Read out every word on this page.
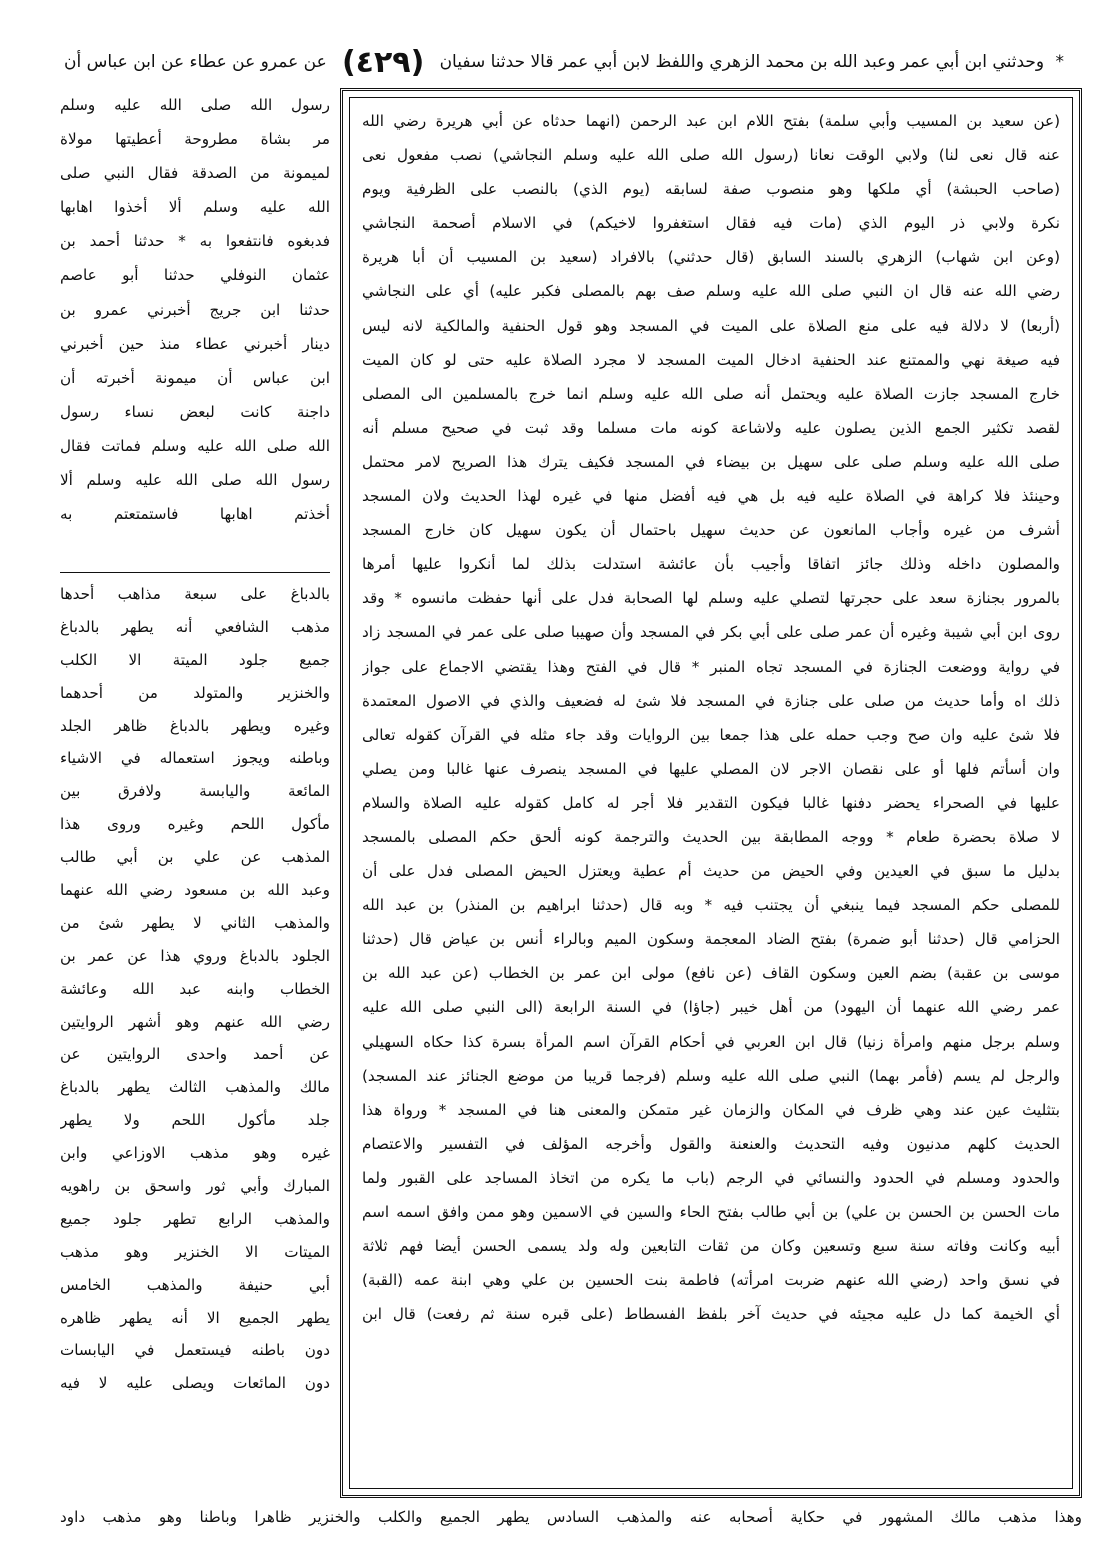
* وحدثني ابن أبي عمر وعبد الله بن محمد الزهري واللفظ لابن أبي عمر قالا حدثنا سفيان
(٤٢٩)
عن عمرو عن عطاء عن ابن عباس أن
(عن سعيد بن المسيب وأبي سلمة) بفتح اللام ابن عبد الرحمن (انهما حدثاه عن أبي هريرة رضي الله
عنه قال نعى لنا) ولابي الوقت نعانا (رسول الله صلى الله عليه وسلم النجاشي) نصب مفعول نعى
(صاحب الحبشة) أي ملكها وهو منصوب صفة لسابقه (يوم الذي) بالنصب على الظرفية ويوم
نكرة ولابي ذر اليوم الذي (مات فيه فقال استغفروا لاخيكم) في الاسلام أصحمة النجاشي
(وعن ابن شهاب) الزهري بالسند السابق (قال حدثني) بالافراد (سعيد بن المسيب أن أبا هريرة
رضي الله عنه قال ان النبي صلى الله عليه وسلم صف بهم بالمصلى فكبر عليه) أي على النجاشي
(أربعا) لا دلالة فيه على منع الصلاة على الميت في المسجد وهو قول الحنفية والمالكية لانه ليس
فيه صيغة نهي والممتنع عند الحنفية ادخال الميت المسجد لا مجرد الصلاة عليه حتى لو كان الميت
خارج المسجد جازت الصلاة عليه ويحتمل أنه صلى الله عليه وسلم انما خرج بالمسلمين الى المصلى
لقصد تكثير الجمع الذين يصلون عليه ولاشاعة كونه مات مسلما وقد ثبت في صحيح مسلم أنه
صلى الله عليه وسلم صلى على سهيل بن بيضاء في المسجد فكيف يترك هذا الصريح لامر محتمل
وحينئذ فلا كراهة في الصلاة عليه فيه بل هي فيه أفضل منها في غيره لهذا الحديث ولان المسجد
أشرف من غيره وأجاب المانعون عن حديث سهيل باحتمال أن يكون سهيل كان خارج المسجد
والمصلون داخله وذلك جائز اتفاقا وأجيب بأن عائشة استدلت بذلك لما أنكروا عليها أمرها
بالمرور بجنازة سعد على حجرتها لتصلي عليه وسلم لها الصحابة فدل على أنها حفظت مانسوه * وقد
روى ابن أبي شيبة وغيره أن عمر صلى على أبي بكر في المسجد وأن صهيبا صلى على عمر في المسجد زاد
في رواية ووضعت الجنازة في المسجد تجاه المنبر * قال في الفتح وهذا يقتضي الاجماع على جواز
ذلك اه وأما حديث من صلى على جنازة في المسجد فلا شئ له فضعيف والذي في الاصول المعتمدة
فلا شئ عليه وان صح وجب حمله على هذا جمعا بين الروايات وقد جاء مثله في القرآن كقوله تعالى
وان أسأتم فلها أو على نقصان الاجر لان المصلي عليها في المسجد ينصرف عنها غالبا ومن يصلي
عليها في الصحراء يحضر دفنها غالبا فيكون التقدير فلا أجر له كامل كقوله عليه الصلاة والسلام
لا صلاة بحضرة طعام * ووجه المطابقة بين الحديث والترجمة كونه ألحق حكم المصلى بالمسجد
بدليل ما سبق في العيدين وفي الحيض من حديث أم عطية ويعتزل الحيض المصلى فدل على أن
للمصلى حكم المسجد فيما ينبغي أن يجتنب فيه * وبه قال (حدثنا ابراهيم بن المنذر) بن عبد الله
الحزامي قال (حدثنا أبو ضمرة) بفتح الضاد المعجمة وسكون الميم وبالراء أنس بن عياض قال (حدثنا
موسى بن عقبة) بضم العين وسكون القاف (عن نافع) مولى ابن عمر بن الخطاب (عن عبد الله بن
عمر رضي الله عنهما أن اليهود) من أهل خيبر (جاؤا) في السنة الرابعة (الى النبي صلى الله عليه
وسلم برجل منهم وامرأة زنيا) قال ابن العربي في أحكام القرآن اسم المرأة بسرة كذا حكاه السهيلي
والرجل لم يسم (فأمر بهما) النبي صلى الله عليه وسلم (فرجما قريبا من موضع الجنائز عند المسجد)
بتثليث عين عند وهي ظرف في المكان والزمان غير متمكن والمعنى هنا في المسجد * ورواة هذا
الحديث كلهم مدنيون وفيه التحديث والعنعنة والقول وأخرجه المؤلف في التفسير والاعتصام
والحدود ومسلم في الحدود والنسائي في الرجم (باب ما يكره من اتخاذ المساجد على القبور ولما
مات الحسن بن الحسن بن علي) بن أبي طالب بفتح الحاء والسين في الاسمين وهو ممن وافق اسمه اسم
أبيه وكانت وفاته سنة سبع وتسعين وكان من ثقات التابعين وله ولد يسمى الحسن أيضا فهم ثلاثة
في نسق واحد (رضي الله عنهم ضربت امرأته) فاطمة بنت الحسين بن علي وهي ابنة عمه (القبة)
أي الخيمة كما دل عليه مجيئه في حديث آخر بلفظ الفسطاط (على قبره سنة ثم رفعت) قال ابن
رسول الله صلى الله عليه وسلم
مر بشاة مطروحة أعطيتها مولاة
لميمونة من الصدقة فقال النبي صلى
الله عليه وسلم ألا أخذوا اهابها
فدبغوه فانتفعوا به * حدثنا أحمد بن
عثمان النوفلي حدثنا أبو عاصم
حدثنا ابن جريج أخبرني عمرو بن
دينار أخبرني عطاء منذ حين أخبرني
ابن عباس أن ميمونة أخبرته أن
داجنة كانت لبعض نساء رسول
الله صلى الله عليه وسلم فماتت فقال
رسول الله صلى الله عليه وسلم ألا
أخذتم اهابها فاستمتعتم به
بالدباغ على سبعة مذاهب أحدها
مذهب الشافعي أنه يطهر بالدباغ
جميع جلود الميتة الا الكلب
والخنزير والمتولد من أحدهما
وغيره ويطهر بالدباغ ظاهر الجلد
وباطنه ويجوز استعماله في الاشياء
المائعة واليابسة ولافرق بين
مأكول اللحم وغيره وروى هذا
المذهب عن علي بن أبي طالب
وعبد الله بن مسعود رضي الله عنهما
والمذهب الثاني لا يطهر شئ من
الجلود بالدباغ وروي هذا عن عمر بن
الخطاب وابنه عبد الله وعائشة
رضي الله عنهم وهو أشهر الروايتين
عن أحمد واحدى الروايتين عن
مالك والمذهب الثالث يطهر بالدباغ
جلد مأكول اللحم ولا يطهر
غيره وهو مذهب الاوزاعي وابن
المبارك وأبي ثور واسحق بن راهويه
والمذهب الرابع تطهر جلود جميع
الميتات الا الخنزير وهو مذهب
أبي حنيفة والمذهب الخامس
يطهر الجميع الا أنه يطهر ظاهره
دون باطنه فيستعمل في اليابسات
دون المائعات ويصلى عليه لا فيه
وهذا مذهب مالك المشهور في حكاية أصحابه عنه والمذهب السادس يطهر الجميع والكلب والخنزير ظاهرا وباطنا وهو مذهب داود
